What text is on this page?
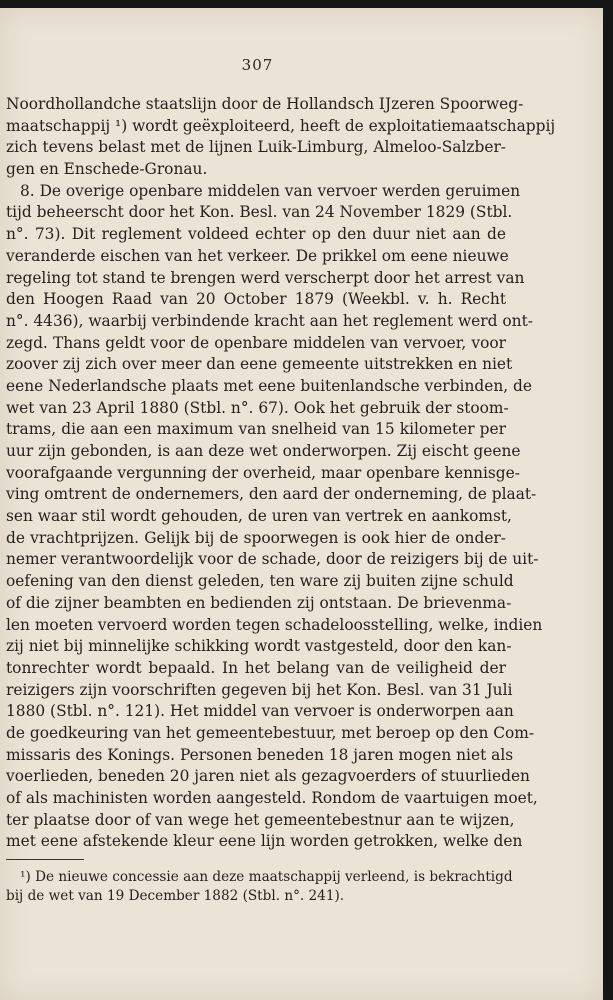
307
Noordhollandche staatslijn door de Hollandsch IJzeren Spoorweg-
maatschappij ¹) wordt geëxploiteerd, heeft de exploitatiemaatschappij
zich tevens belast met de lijnen Luik-Limburg, Almeloo-Salzber-
gen en Enschede-Gronau.
8. De overige openbare middelen van vervoer werden geruimen
tijd beheerscht door het Kon. Besl. van 24 November 1829 (Stbl.
n°. 73). Dit reglement voldeed echter op den duur niet aan de
veranderde eischen van het verkeer. De prikkel om eene nieuwe
regeling tot stand te brengen werd verscherpt door het arrest van
den Hoogen Raad van 20 October 1879 (Weekbl. v. h. Recht
n°. 4436), waarbij verbindende kracht aan het reglement werd ont-
zegd. Thans geldt voor de openbare middelen van vervoer, voor
zoover zij zich over meer dan eene gemeente uitstrekken en niet
eene Nederlandsche plaats met eene buitenlandsche verbinden, de
wet van 23 April 1880 (Stbl. n°. 67). Ook het gebruik der stoom-
trams, die aan een maximum van snelheid van 15 kilometer per
uur zijn gebonden, is aan deze wet onderworpen. Zij eischt geene
voorafgaande vergunning der overheid, maar openbare kennisge-
ving omtrent de ondernemers, den aard der onderneming, de plaat-
sen waar stil wordt gehouden, de uren van vertrek en aankomst,
de vrachtprijzen. Gelijk bij de spoorwegen is ook hier de onder-
nemer verantwoordelijk voor de schade, door de reizigers bij de uit-
oefening van den dienst geleden, ten ware zij buiten zijne schuld
of die zijner beambten en bedienden zij ontstaan. De brievenma-
len moeten vervoerd worden tegen schadeloosstelling, welke, indien
zij niet bij minnelijke schikking wordt vastgesteld, door den kan-
tonrechter wordt bepaald. In het belang van de veiligheid der
reizigers zijn voorschriften gegeven bij het Kon. Besl. van 31 Juli
1880 (Stbl. n°. 121). Het middel van vervoer is onderworpen aan
de goedkeuring van het gemeentebestuur, met beroep op den Com-
missaris des Konings. Personen beneden 18 jaren mogen niet als
voerlieden, beneden 20 jaren niet als gezagvoerders of stuurlieden
of als machinisten worden aangesteld. Rondom de vaartuigen moet,
ter plaatse door of van wege het gemeentebestnur aan te wijzen,
met eene afstekende kleur eene lijn worden getrokken, welke den
¹) De nieuwe concessie aan deze maatschappij verleend, is bekrachtigd
bij de wet van 19 December 1882 (Stbl. n°. 241).
